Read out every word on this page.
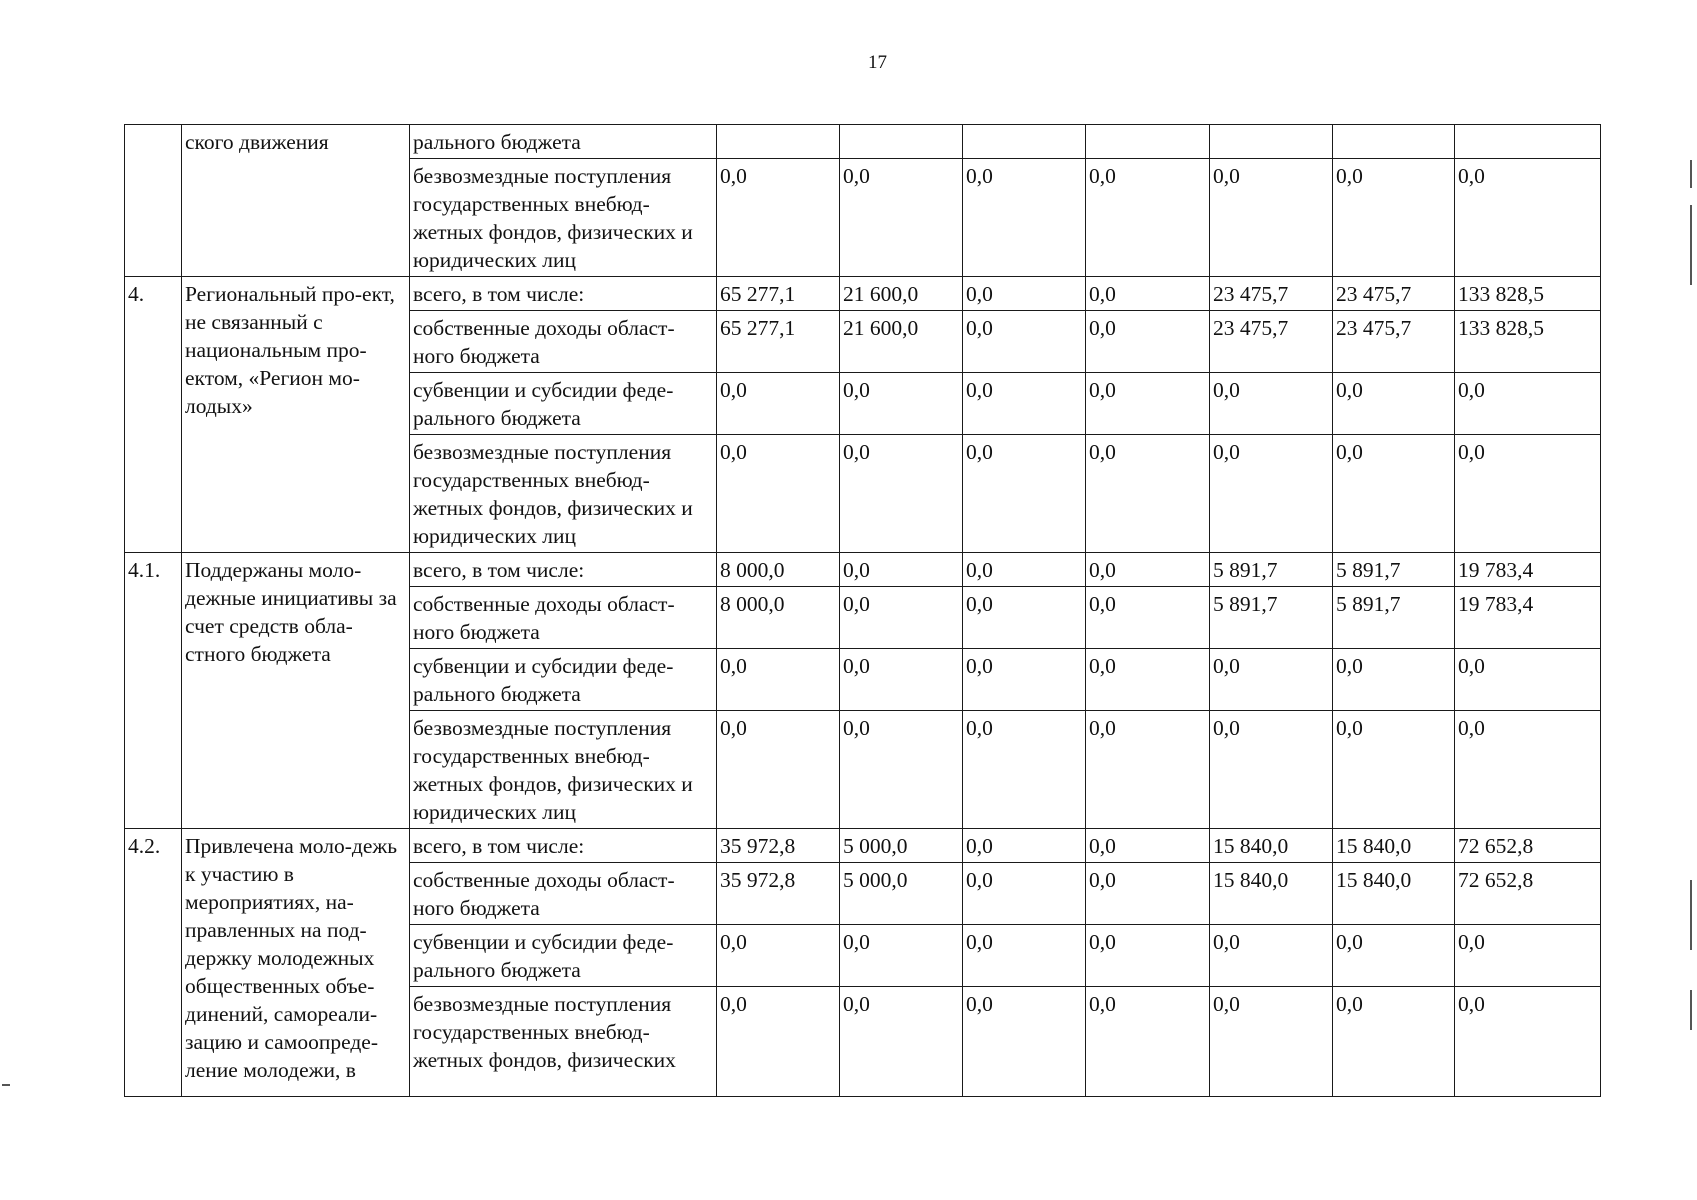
17
	ского движения	рального бюджета							
		безвозмездные поступления государственных внебюд-жетных фондов, физических и юридических лиц	0,0	0,0	0,0	0,0	0,0	0,0	0,0
4.	Региональный про-ект, не связанный с национальным про-ектом, «Регион мо-лодых»	всего, в том числе:	65 277,1	21 600,0	0,0	0,0	23 475,7	23 475,7	133 828,5
		собственные доходы област-ного бюджета	65 277,1	21 600,0	0,0	0,0	23 475,7	23 475,7	133 828,5
		субвенции и субсидии феде-рального бюджета	0,0	0,0	0,0	0,0	0,0	0,0	0,0
		безвозмездные поступления государственных внебюд-жетных фондов, физических и юридических лиц	0,0	0,0	0,0	0,0	0,0	0,0	0,0
4.1.	Поддержаны моло-дежные инициативы за счет средств обла-стного бюджета	всего, в том числе:	8 000,0	0,0	0,0	0,0	5 891,7	5 891,7	19 783,4
		собственные доходы област-ного бюджета	8 000,0	0,0	0,0	0,0	5 891,7	5 891,7	19 783,4
		субвенции и субсидии феде-рального бюджета	0,0	0,0	0,0	0,0	0,0	0,0	0,0
		безвозмездные поступления государственных внебюд-жетных фондов, физических и юридических лиц	0,0	0,0	0,0	0,0	0,0	0,0	0,0
4.2.	Привлечена моло-дежь к участию в мероприятиях, на-правленных на под-держку молодежных общественных объе-динений, самореали-зацию и самоопреде-ление молодежи, в	всего, в том числе:	35 972,8	5 000,0	0,0	0,0	15 840,0	15 840,0	72 652,8
		собственные доходы област-ного бюджета	35 972,8	5 000,0	0,0	0,0	15 840,0	15 840,0	72 652,8
		субвенции и субсидии феде-рального бюджета	0,0	0,0	0,0	0,0	0,0	0,0	0,0
		безвозмездные поступления государственных внебюд-жетных фондов, физических	0,0	0,0	0,0	0,0	0,0	0,0	0,0
